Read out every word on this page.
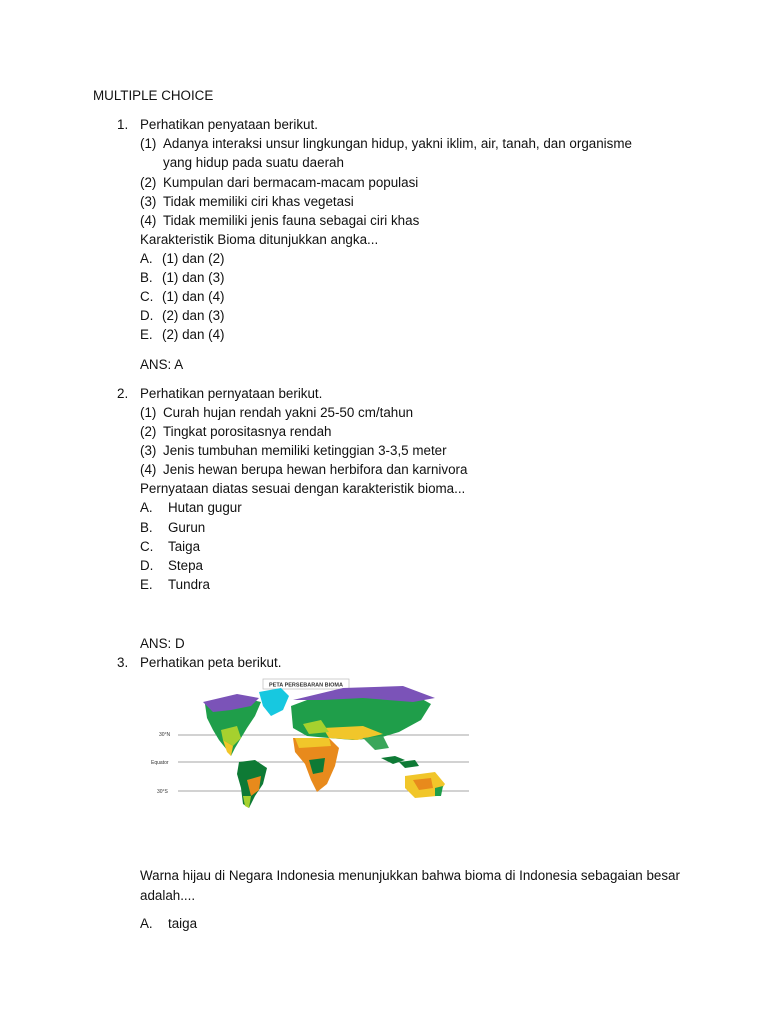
MULTIPLE CHOICE
1. Perhatikan penyataan berikut.
(1) Adanya interaksi unsur lingkungan hidup, yakni iklim, air, tanah, dan organisme
yang hidup pada suatu daerah
(2) Kumpulan dari bermacam-macam populasi
(3) Tidak memiliki ciri khas vegetasi
(4) Tidak memiliki jenis fauna sebagai ciri khas
Karakteristik Bioma ditunjukkan angka...
A. (1) dan (2)
B. (1) dan (3)
C. (1) dan (4)
D. (2) dan (3)
E. (2) dan (4)
ANS: A
2. Perhatikan pernyataan berikut.
(1) Curah hujan rendah yakni 25-50 cm/tahun
(2) Tingkat porositasnya rendah
(3) Jenis tumbuhan memiliki ketinggian 3-3,5 meter
(4) Jenis hewan berupa hewan herbifora dan karnivora
Pernyataan diatas sesuai dengan karakteristik bioma...
A. Hutan gugur
B. Gurun
C. Taiga
D. Stepa
E. Tundra
ANS: D
3. Perhatikan peta berikut.
PETA PERSEBARAN BIOMA
30°N
Equator
30°S
Warna hijau di Negara Indonesia menunjukkan bahwa bioma di Indonesia sebagaian besar adalah....
A. taiga
